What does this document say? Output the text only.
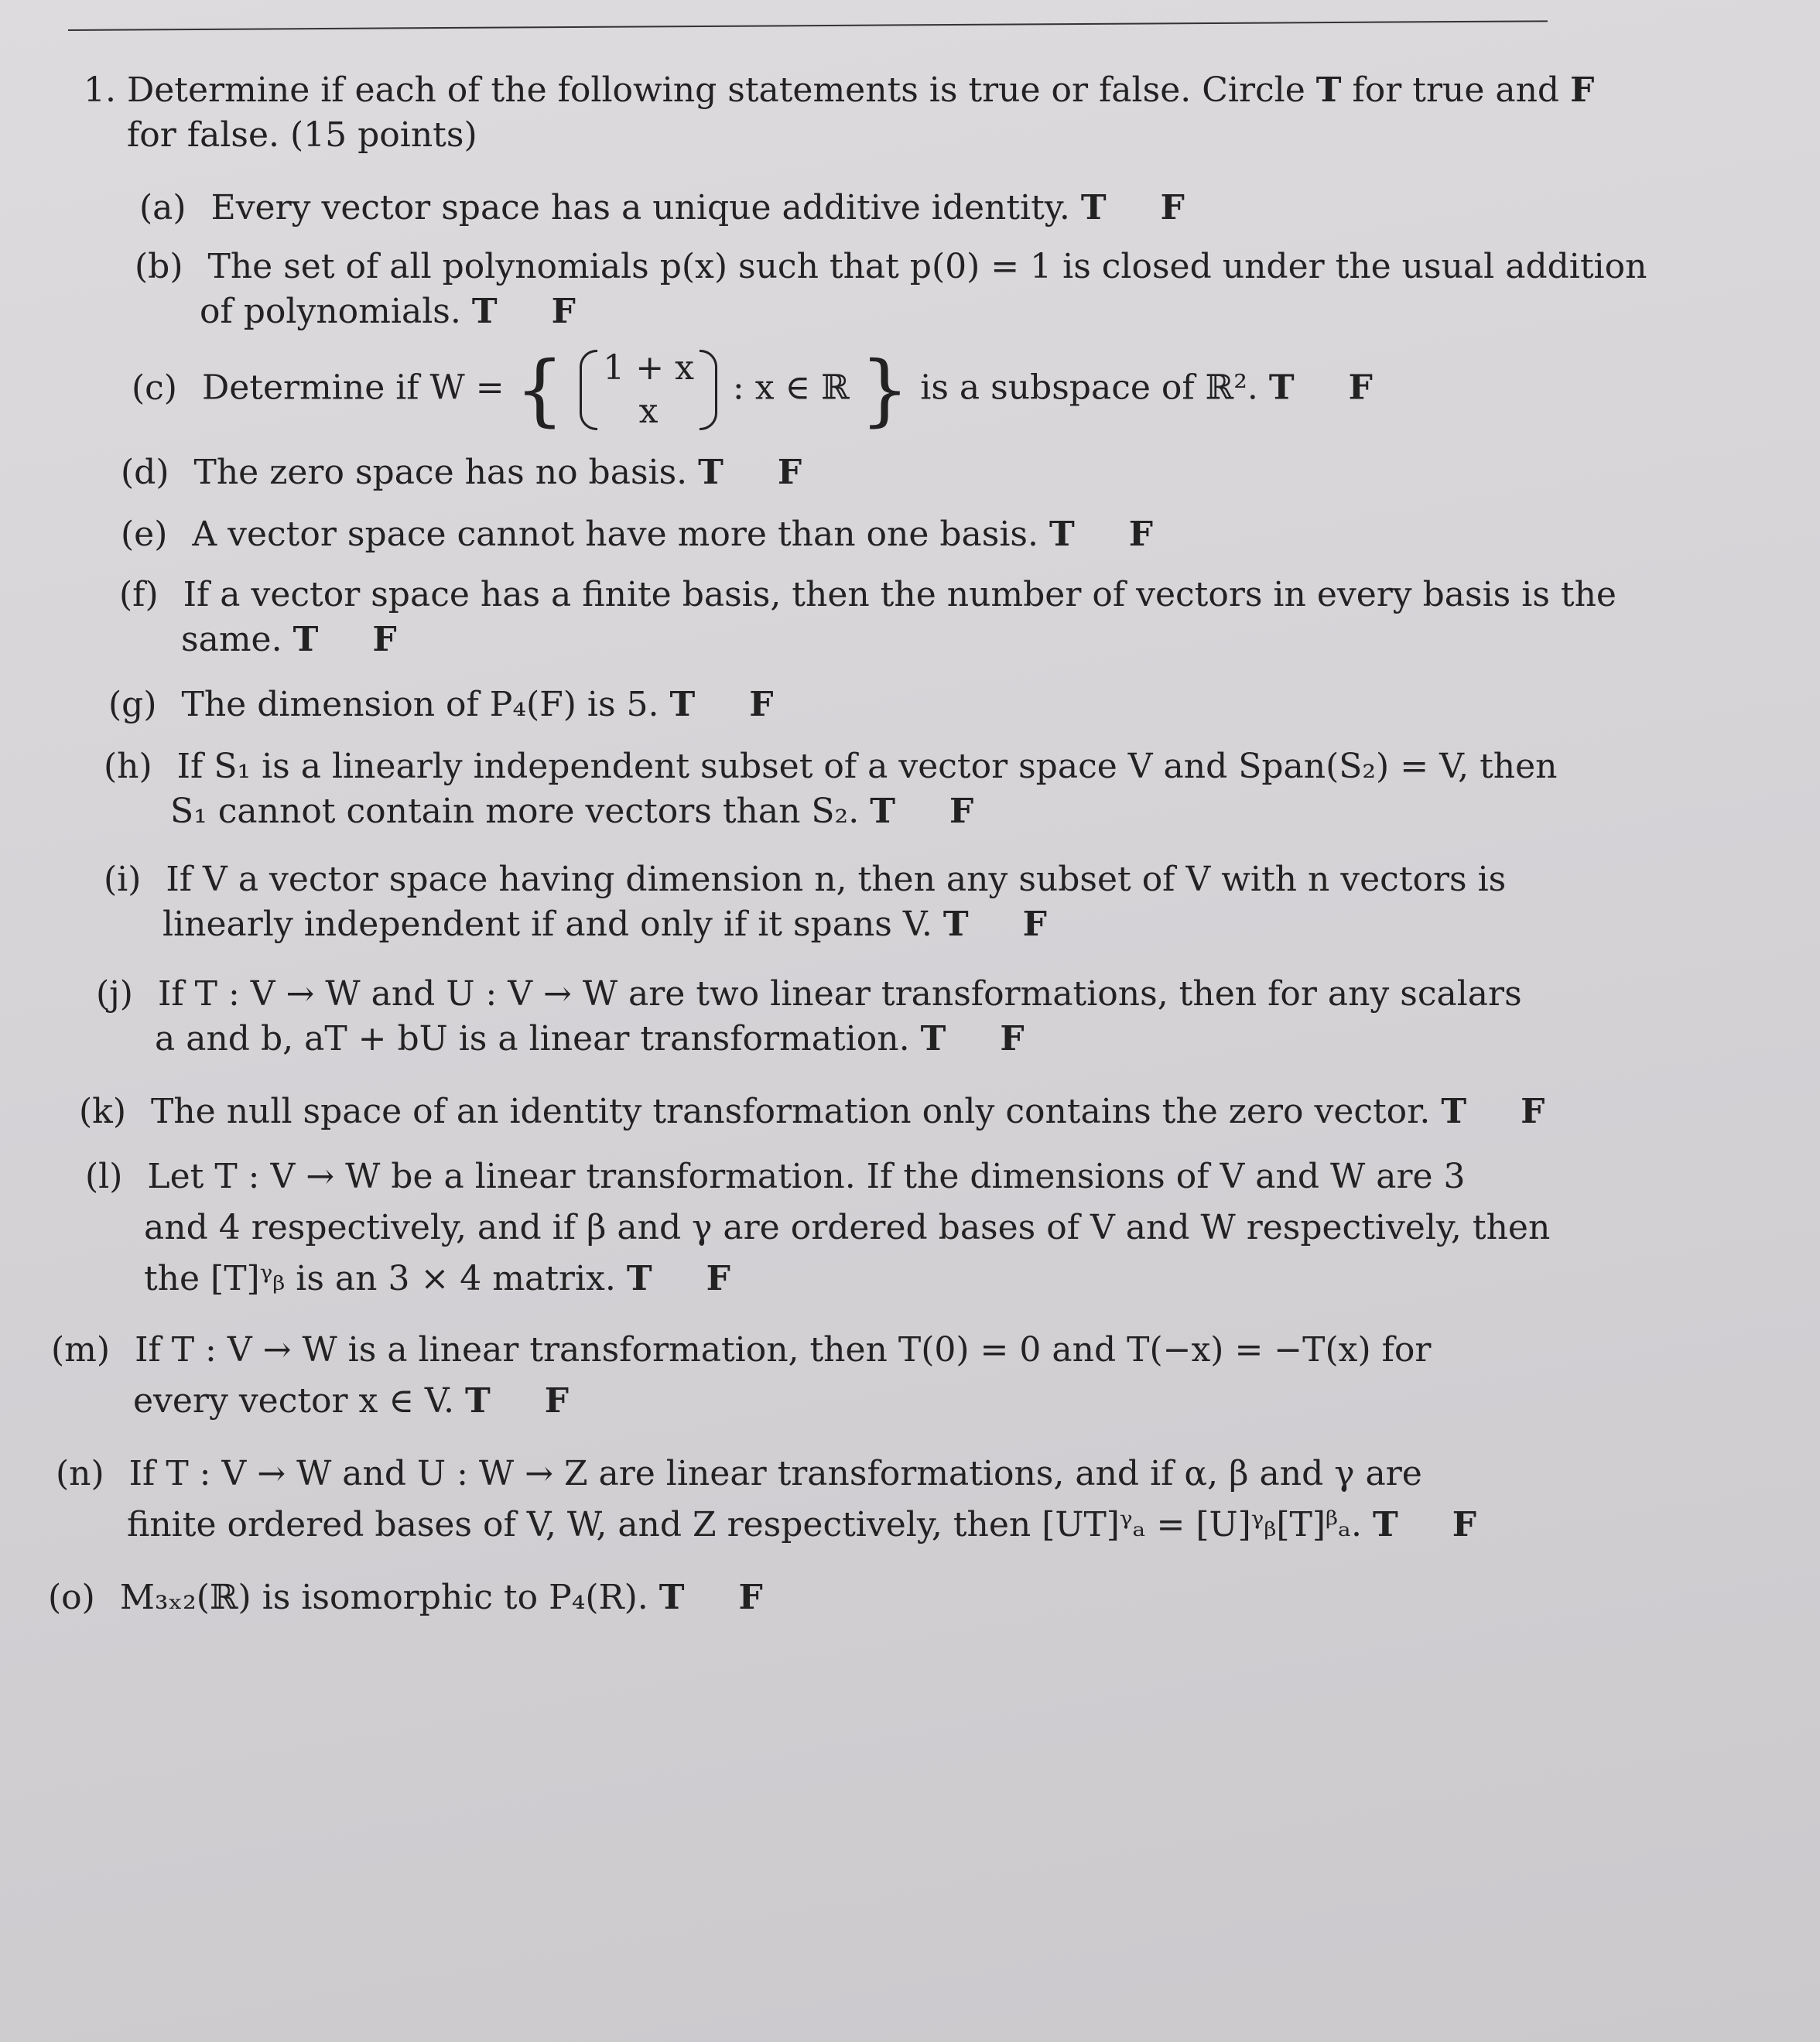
1. Determine if each of the following statements is true or false. Circle T for true and F
for false. (15 points)
(a) Every vector space has a unique additive identity. T F
(b) The set of all polynomials p(x) such that p(0) = 1 is closed under the usual addition
of polynomials. T F
(c) Determine if W = { 1 + x
x
: x ∈ ℝ } is a subspace of ℝ². T F
(d) The zero space has no basis. T F
(e) A vector space cannot have more than one basis. T F
(f) If a vector space has a finite basis, then the number of vectors in every basis is the
same. T F
(g) The dimension of P₄(F) is 5. T F
(h) If S₁ is a linearly independent subset of a vector space V and Span(S₂) = V, then
S₁ cannot contain more vectors than S₂. T F
(i) If V a vector space having dimension n, then any subset of V with n vectors is
linearly independent if and only if it spans V. T F
(j) If T : V → W and U : V → W are two linear transformations, then for any scalars
a and b, aT + bU is a linear transformation. T F
(k) The null space of an identity transformation only contains the zero vector. T F
(l) Let T : V → W be a linear transformation. If the dimensions of V and W are 3
and 4 respectively, and if β and γ are ordered bases of V and W respectively, then
the [T]ᵞᵦ is an 3 × 4 matrix. T F
(m) If T : V → W is a linear transformation, then T(0) = 0 and T(−x) = −T(x) for
every vector x ∈ V. T F
(n) If T : V → W and U : W → Z are linear transformations, and if α, β and γ are
finite ordered bases of V, W, and Z respectively, then [UT]ᵞₐ = [U]ᵞᵦ[T]ᵝₐ. T F
(o) M₃ₓ₂(ℝ) is isomorphic to P₄(R). T F
